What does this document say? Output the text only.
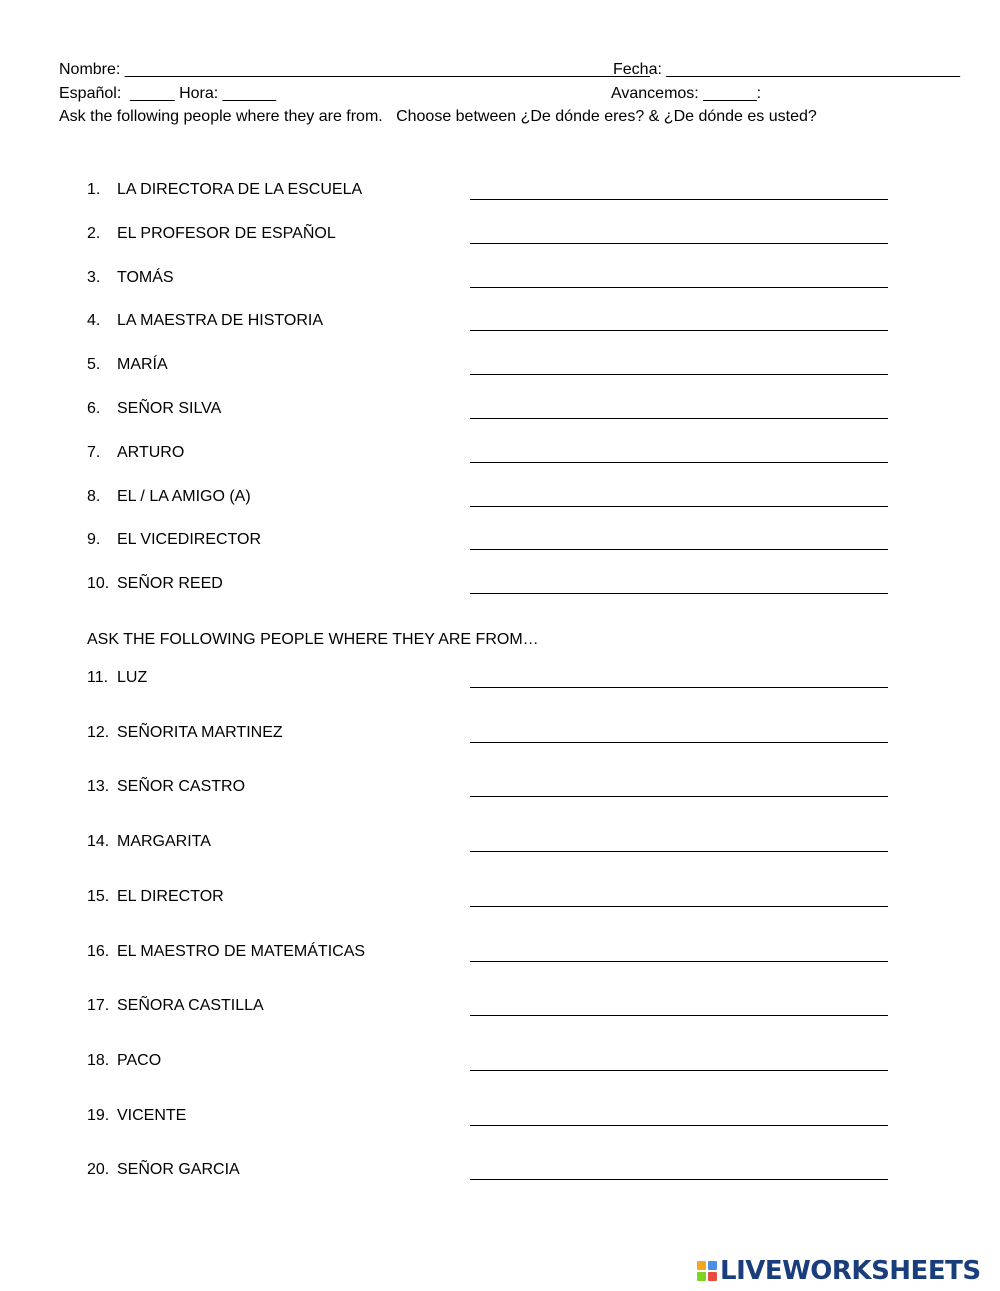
Nombre: ___________________________________________________________
Fecha: _________________________________
Español:  _____ Hora: ______	Avancemos: ______:
Ask the following people where they are from.   Choose between ¿De dónde eres? & ¿De dónde es usted?
1.	LA DIRECTORA DE LA ESCUELA
2.	EL PROFESOR DE ESPAÑOL
3.	TOMÁS
4.	LA MAESTRA DE HISTORIA
5.	MARÍA
6.	SEÑOR SILVA
7.	ARTURO
8.	EL / LA AMIGO (A)
9.	EL VICEDIRECTOR
10. SEÑOR REED
ASK THE FOLLOWING PEOPLE WHERE THEY ARE FROM…
11. LUZ
12. SEÑORITA MARTINEZ
13. SEÑOR CASTRO
14. MARGARITA
15. EL DIRECTOR
16. EL MAESTRO DE MATEMÁTICAS
17. SEÑORA CASTILLA
18. PACO
19. VICENTE
20. SEÑOR GARCIA
LIVEWORKSHEETS
